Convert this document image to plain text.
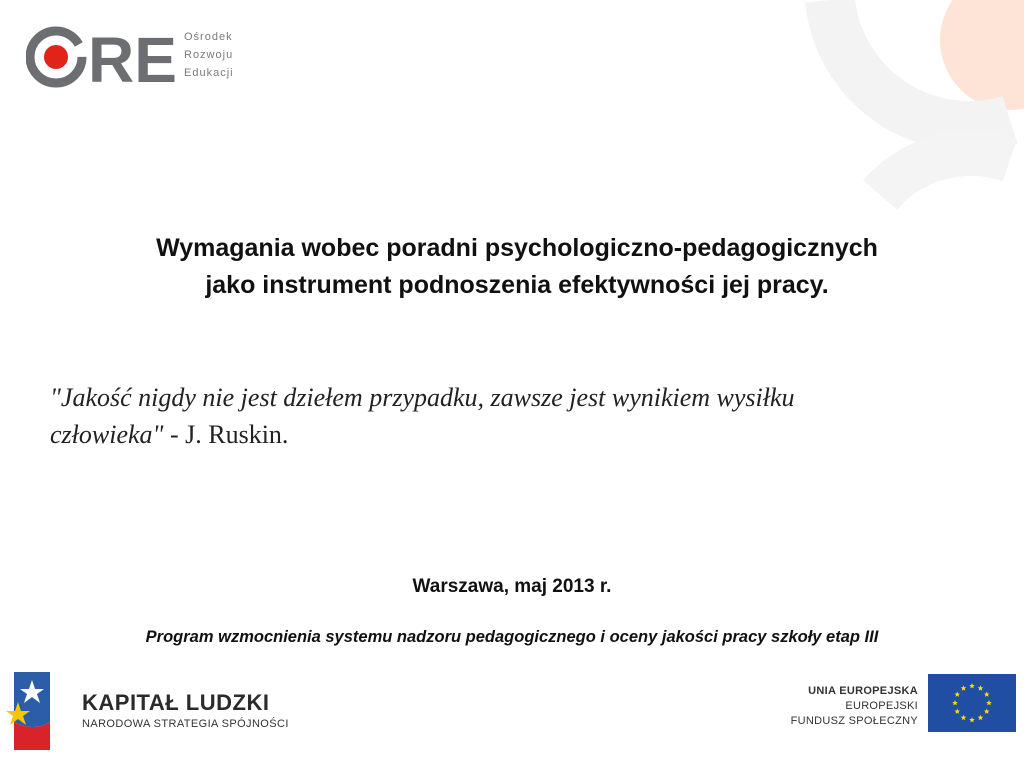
RE Ośrodek
Rozwoju
Edukacji
Wymagania wobec poradni psychologiczno-pedagogicznych
jako instrument podnoszenia efektywności jej pracy.
"Jakość nigdy nie jest dziełem przypadku, zawsze jest wynikiem wysiłku
człowieka" - J. Ruskin.
Warszawa, maj 2013 r.
Program wzmocnienia systemu nadzoru pedagogicznego i oceny jakości pracy szkoły etap III
KAPITAŁ LUDZKI
NARODOWA STRATEGIA SPÓJNOŚCI
UNIA EUROPEJSKA
EUROPEJSKI
FUNDUSZ SPOŁECZNY
